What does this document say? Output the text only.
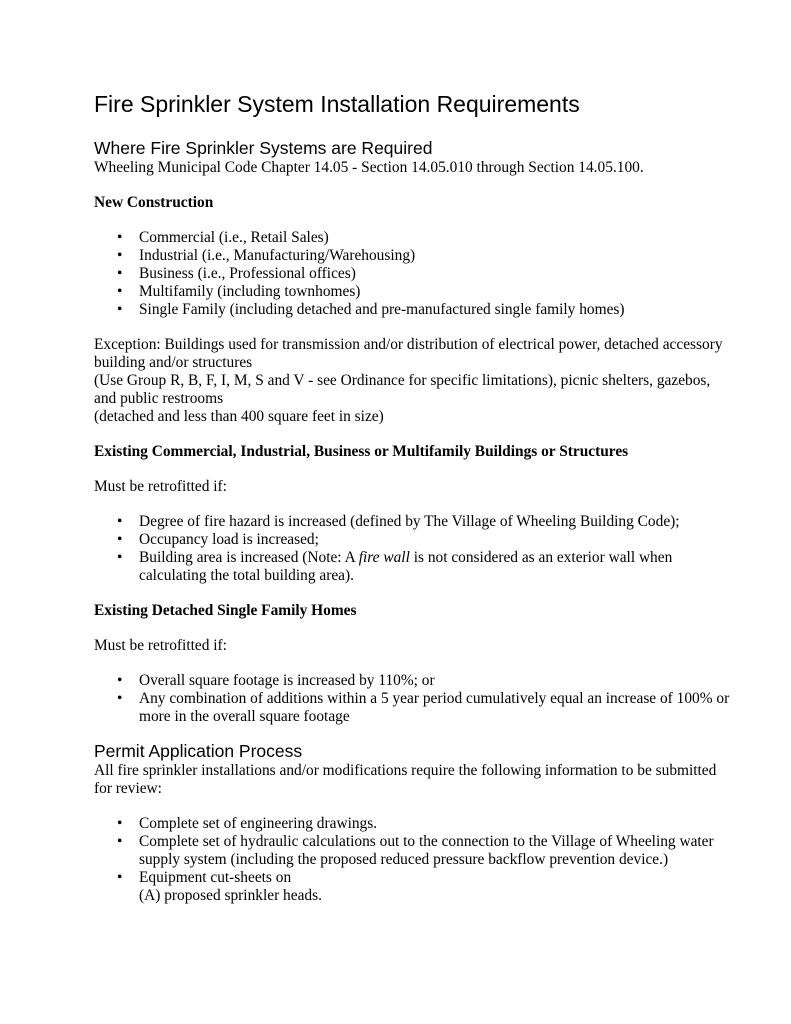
Fire Sprinkler System Installation Requirements
Where Fire Sprinkler Systems are Required

Wheeling Municipal Code Chapter 14.05 - Section 14.05.010 through Section 14.05.100.

New Construction

• Commercial (i.e., Retail Sales)
• Industrial (i.e., Manufacturing/Warehousing)
• Business (i.e., Professional offices)
• Multifamily (including townhomes)
• Single Family (including detached and pre-manufactured single family homes)

Exception: Buildings used for transmission and/or distribution of electrical power, detached accessory building and/or structures

(Use Group R, B, F, I, M, S and V - see Ordinance for specific limitations), picnic shelters, gazebos, and public restrooms

(detached and less than 400 square feet in size)

Existing Commercial, Industrial, Business or Multifamily Buildings or Structures

Must be retrofitted if:

• Degree of fire hazard is increased (defined by The Village of Wheeling Building Code);
• Occupancy load is increased;
• Building area is increased (Note: A fire wall is not considered as an exterior wall when calculating the total building area).

Existing Detached Single Family Homes

Must be retrofitted if:

• Overall square footage is increased by 110%; or
• Any combination of additions within a 5 year period cumulatively equal an increase of 100% or more in the overall square footage
Permit Application Process

All fire sprinkler installations and/or modifications require the following information to be submitted for review:

• Complete set of engineering drawings.
• Complete set of hydraulic calculations out to the connection to the Village of Wheeling water supply system (including the proposed reduced pressure backflow prevention device.)
• Equipment cut-sheets on
(A) proposed sprinkler heads.
